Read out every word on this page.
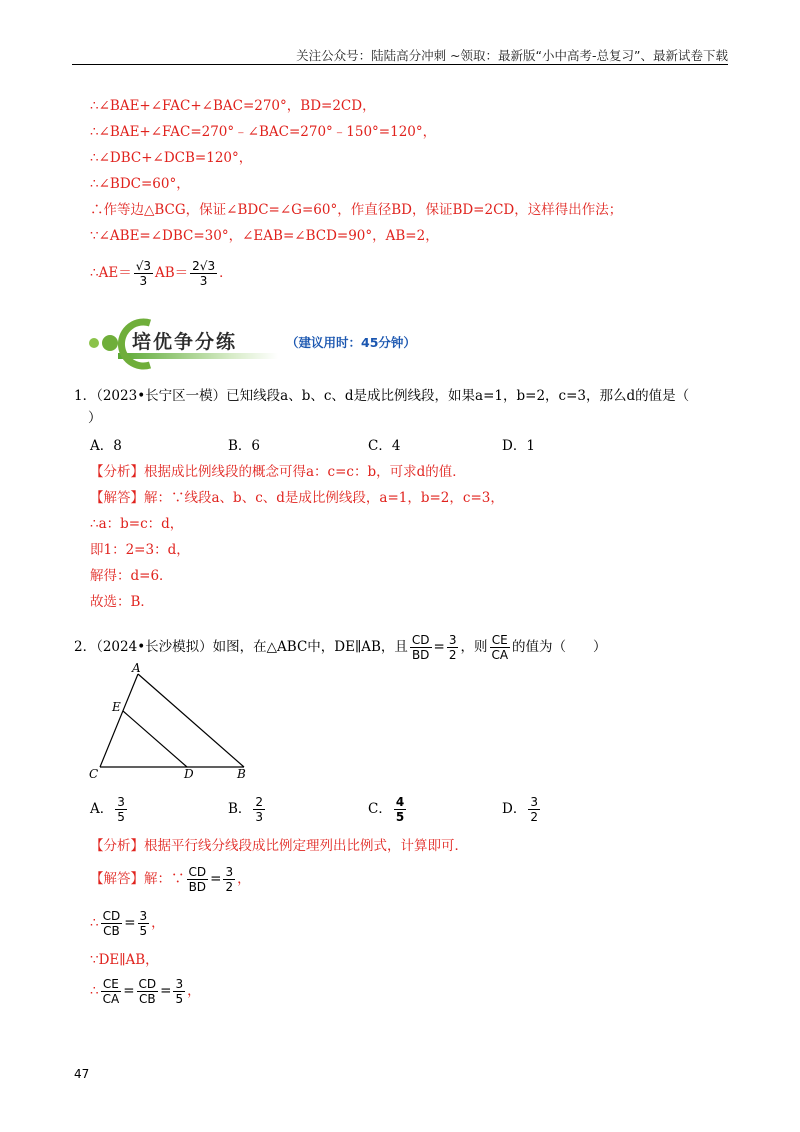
关注公众号：陆陆高分冲刺 ~领取：最新版“小中高考-总复习”、最新试卷下载
∴∠BAE+∠FAC+∠BAC=270°，BD=2CD，
∴∠BAE+∠FAC=270°﹣∠BAC=270°﹣150°=120°，
∴∠DBC+∠DCB=120°，
∴∠BDC=60°，
∴作等边△BCG，保证∠BDC=∠G=60°，作直径BD，保证BD=2CD，这样得出作法；
∵∠ABE=∠DBC=30°，∠EAB=∠BCD=90°，AB=2，
∴AE＝ $\frac{√3}{3} AB= \frac{2√3}{3}$ ．
培优争分练	（建议用时：45分钟）
1．（2023•长宁区一模）已知线段a、b、c、d是成比例线段，如果a=1，b=2，c=3，那么d的值是（
）
A．8	B．6	C．4	D．1
【分析】根据成比例线段的概念可得a：c=c：b，可求d的值．
【解答】解：∵线段a、b、c、d是成比例线段，a=1，b=2，c=3，
∴a：b=c：d，
即1：2=3：d，
解得：d=6．
故选：B．
2．（2024•长沙模拟）如图，在△ABC中，DE∥AB，且 $\frac{CD}{BD} = \frac{3}{2}$ ，则 $\frac{CE}{CA}$ 的值为（　　）
A
E
C	D	B
A． $\frac{3}{5}$	B． $\frac{2}{3}$	C． $\frac{4}{5}$	D． $\frac{3}{2}$
【分析】根据平行线分线段成比例定理列出比例式，计算即可．
【解答】解：∵ $\frac{CD}{BD} = \frac{3}{2}$ ，
∴ $\frac{CD}{CB} = \frac{3}{5}$ ，
∵DE∥AB，
∴ $\frac{CE}{CA} = \frac{CD}{CB} = \frac{3}{5}$ ，
47
